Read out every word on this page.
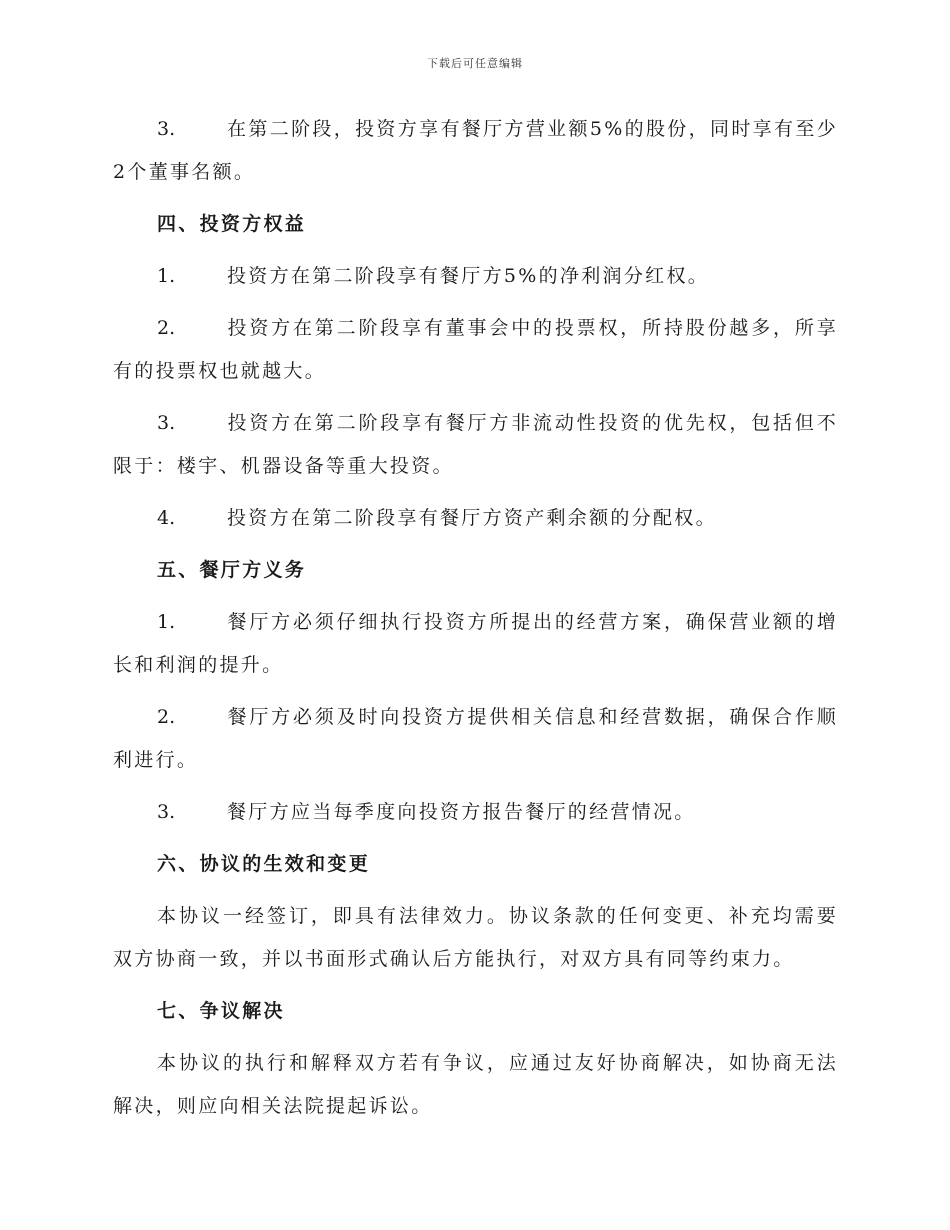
下载后可任意编辑

3.	在第二阶段，投资方享有餐厅方营业额5%的股份，同时享有至少2个董事名额。

四、投资方权益

1.	投资方在第二阶段享有餐厅方5%的净利润分红权。

2.	投资方在第二阶段享有董事会中的投票权，所持股份越多，所享有的投票权也就越大。

3.	投资方在第二阶段享有餐厅方非流动性投资的优先权，包括但不限于：楼宇、机器设备等重大投资。

4.	投资方在第二阶段享有餐厅方资产剩余额的分配权。

五、餐厅方义务

1.	餐厅方必须仔细执行投资方所提出的经营方案，确保营业额的增长和利润的提升。

2.	餐厅方必须及时向投资方提供相关信息和经营数据，确保合作顺利进行。

3.	餐厅方应当每季度向投资方报告餐厅的经营情况。

六、协议的生效和变更

本协议一经签订，即具有法律效力。协议条款的任何变更、补充均需要双方协商一致，并以书面形式确认后方能执行，对双方具有同等约束力。

七、争议解决

本协议的执行和解释双方若有争议，应通过友好协商解决，如协商无法解决，则应向相关法院提起诉讼。
